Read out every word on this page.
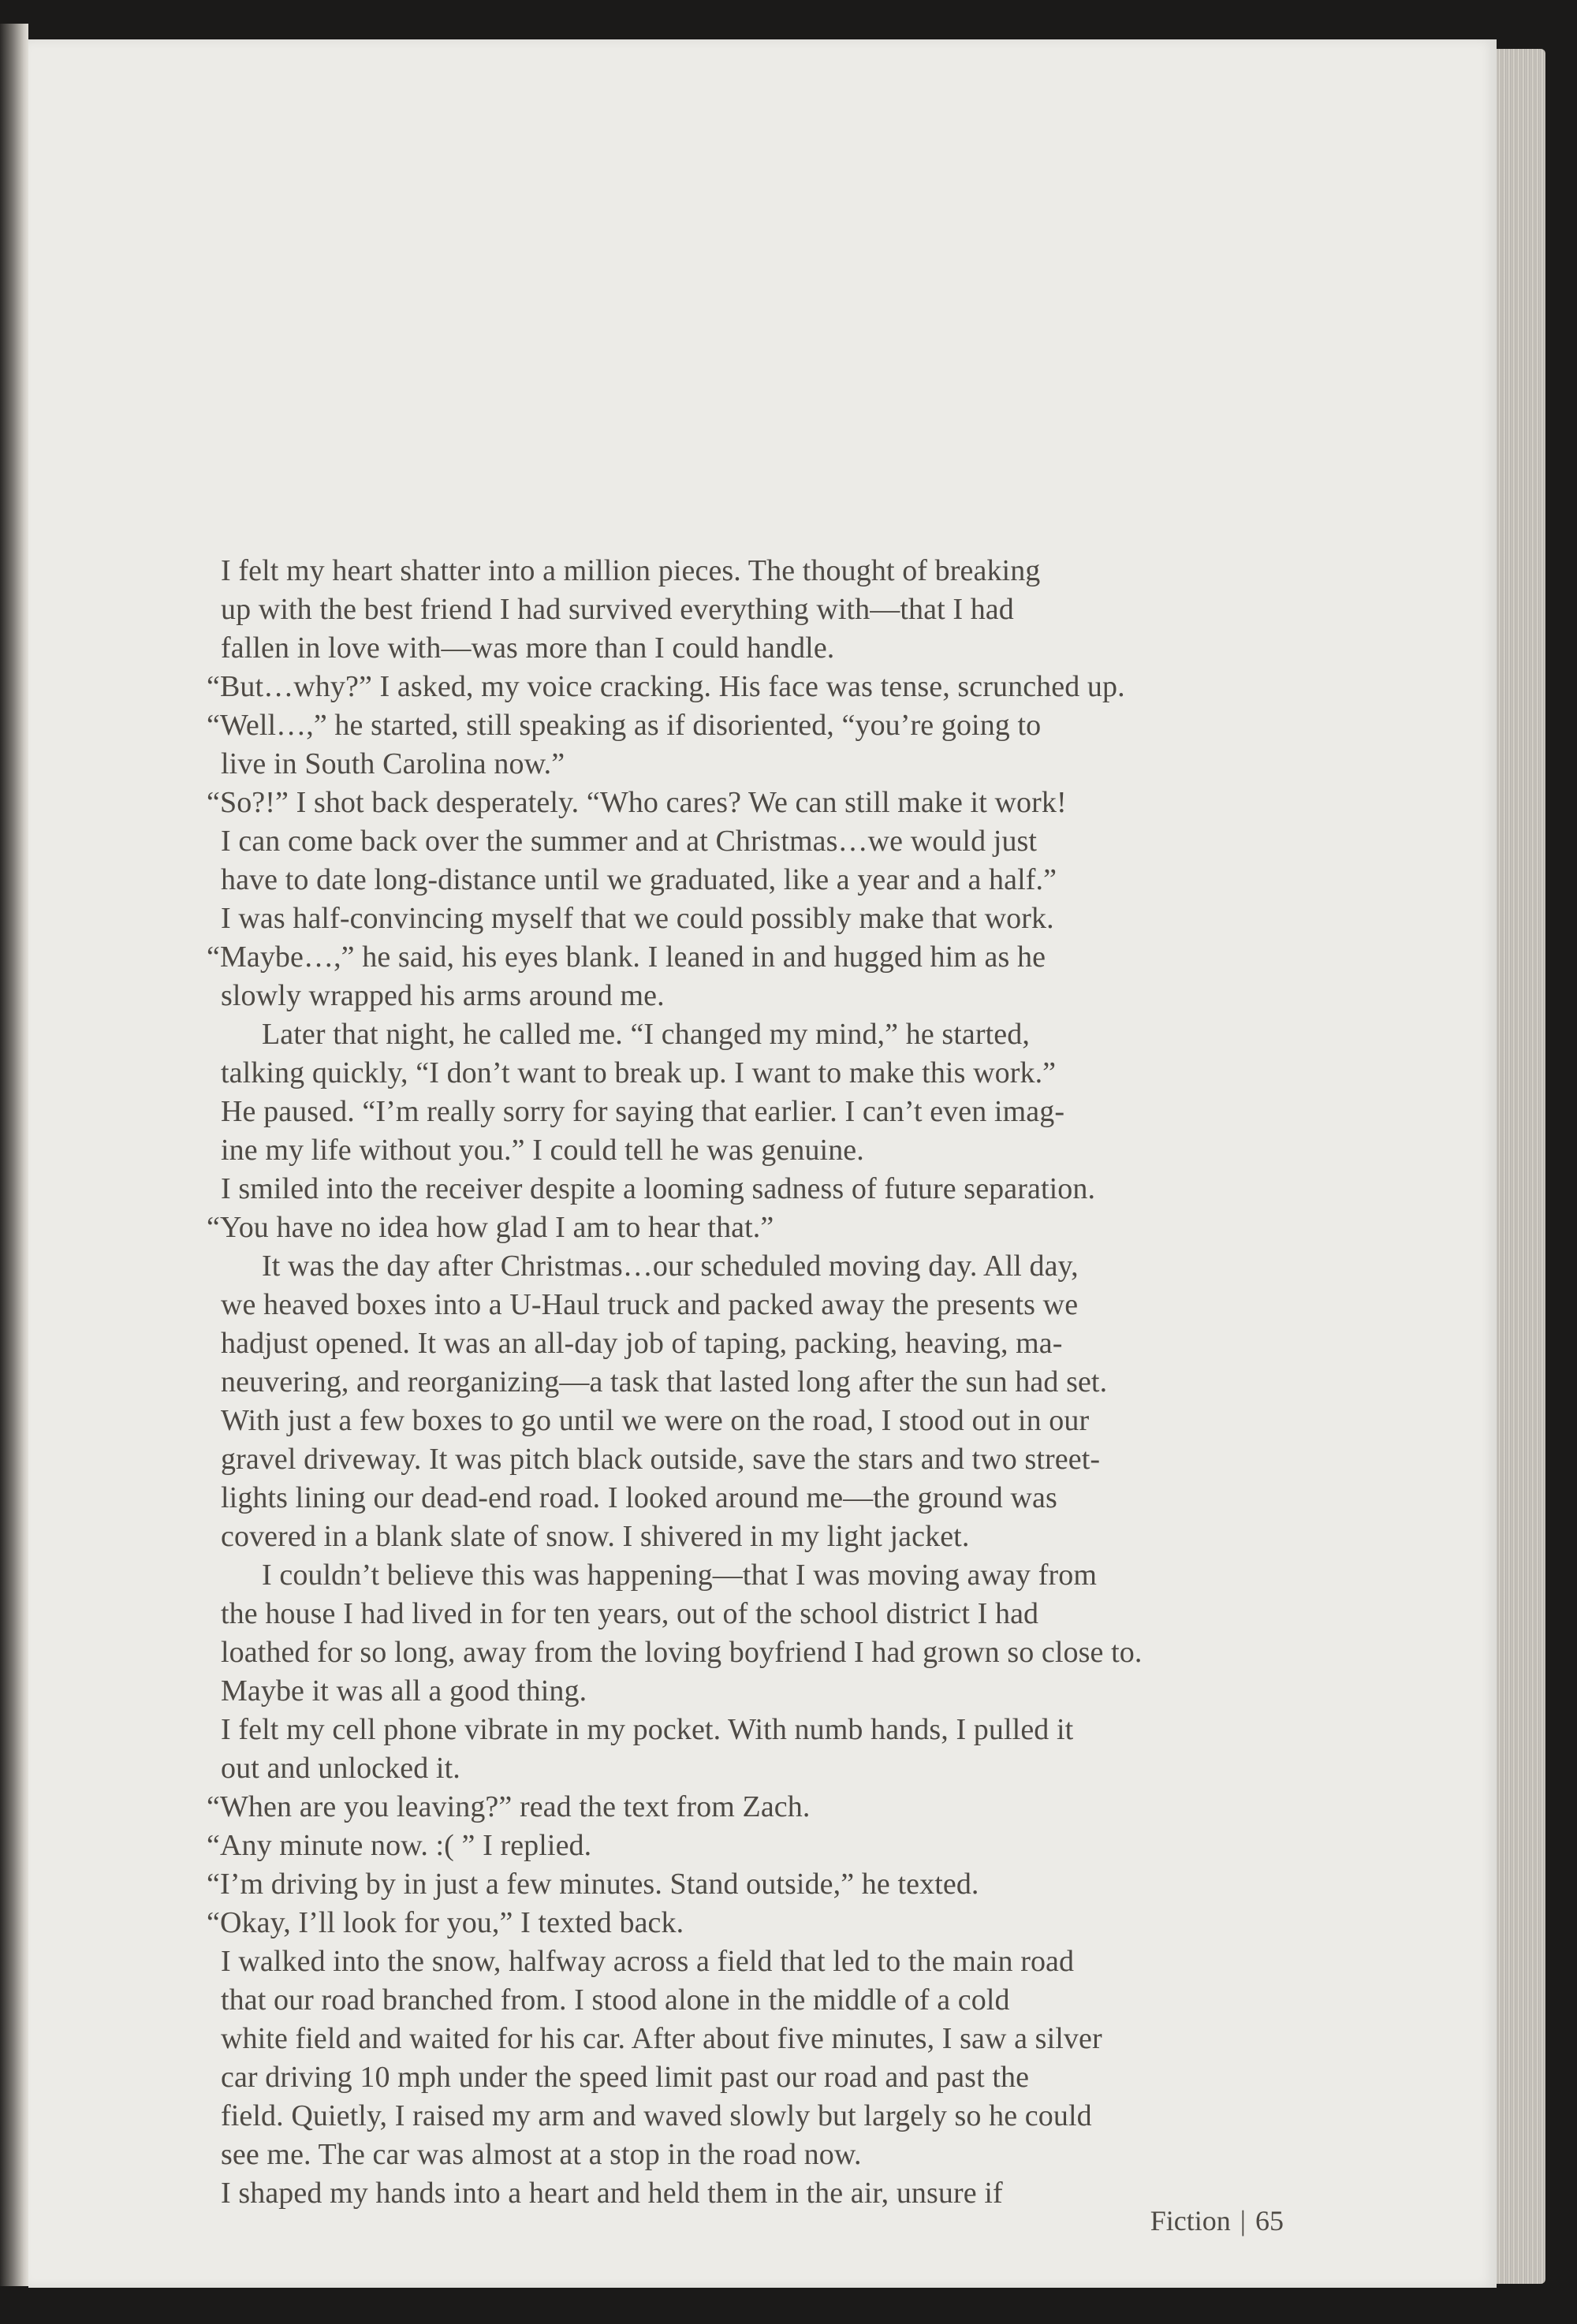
I felt my heart shatter into a million pieces. The thought of breaking
up with the best friend I had survived everything with—that I had
fallen in love with—was more than I could handle.
“But…why?” I asked, my voice cracking. His face was tense, scrunched up.
“Well…,” he started, still speaking as if disoriented, “you’re going to
live in South Carolina now.”
“So?!” I shot back desperately. “Who cares? We can still make it work!
I can come back over the summer and at Christmas…we would just
have to date long-distance until we graduated, like a year and a half.”
I was half-convincing myself that we could possibly make that work.
“Maybe…,” he said, his eyes blank. I leaned in and hugged him as he
slowly wrapped his arms around me.
Later that night, he called me. “I changed my mind,” he started,
talking quickly, “I don’t want to break up. I want to make this work.”
He paused. “I’m really sorry for saying that earlier. I can’t even imag-
ine my life without you.” I could tell he was genuine.
I smiled into the receiver despite a looming sadness of future separation.
“You have no idea how glad I am to hear that.”
It was the day after Christmas…our scheduled moving day. All day,
we heaved boxes into a U-Haul truck and packed away the presents we
hadjust opened. It was an all-day job of taping, packing, heaving, ma-
neuvering, and reorganizing—a task that lasted long after the sun had set.
With just a few boxes to go until we were on the road, I stood out in our
gravel driveway. It was pitch black outside, save the stars and two street-
lights lining our dead-end road. I looked around me—the ground was
covered in a blank slate of snow. I shivered in my light jacket.
I couldn’t believe this was happening—that I was moving away from
the house I had lived in for ten years, out of the school district I had
loathed for so long, away from the loving boyfriend I had grown so close to.
Maybe it was all a good thing.
I felt my cell phone vibrate in my pocket. With numb hands, I pulled it
out and unlocked it.
“When are you leaving?” read the text from Zach.
“Any minute now. :( ” I replied.
“I’m driving by in just a few minutes. Stand outside,” he texted.
“Okay, I’ll look for you,” I texted back.
I walked into the snow, halfway across a field that led to the main road
that our road branched from. I stood alone in the middle of a cold
white field and waited for his car. After about five minutes, I saw a silver
car driving 10 mph under the speed limit past our road and past the
field. Quietly, I raised my arm and waved slowly but largely so he could
see me. The car was almost at a stop in the road now.
I shaped my hands into a heart and held them in the air, unsure if
Fiction | 65
